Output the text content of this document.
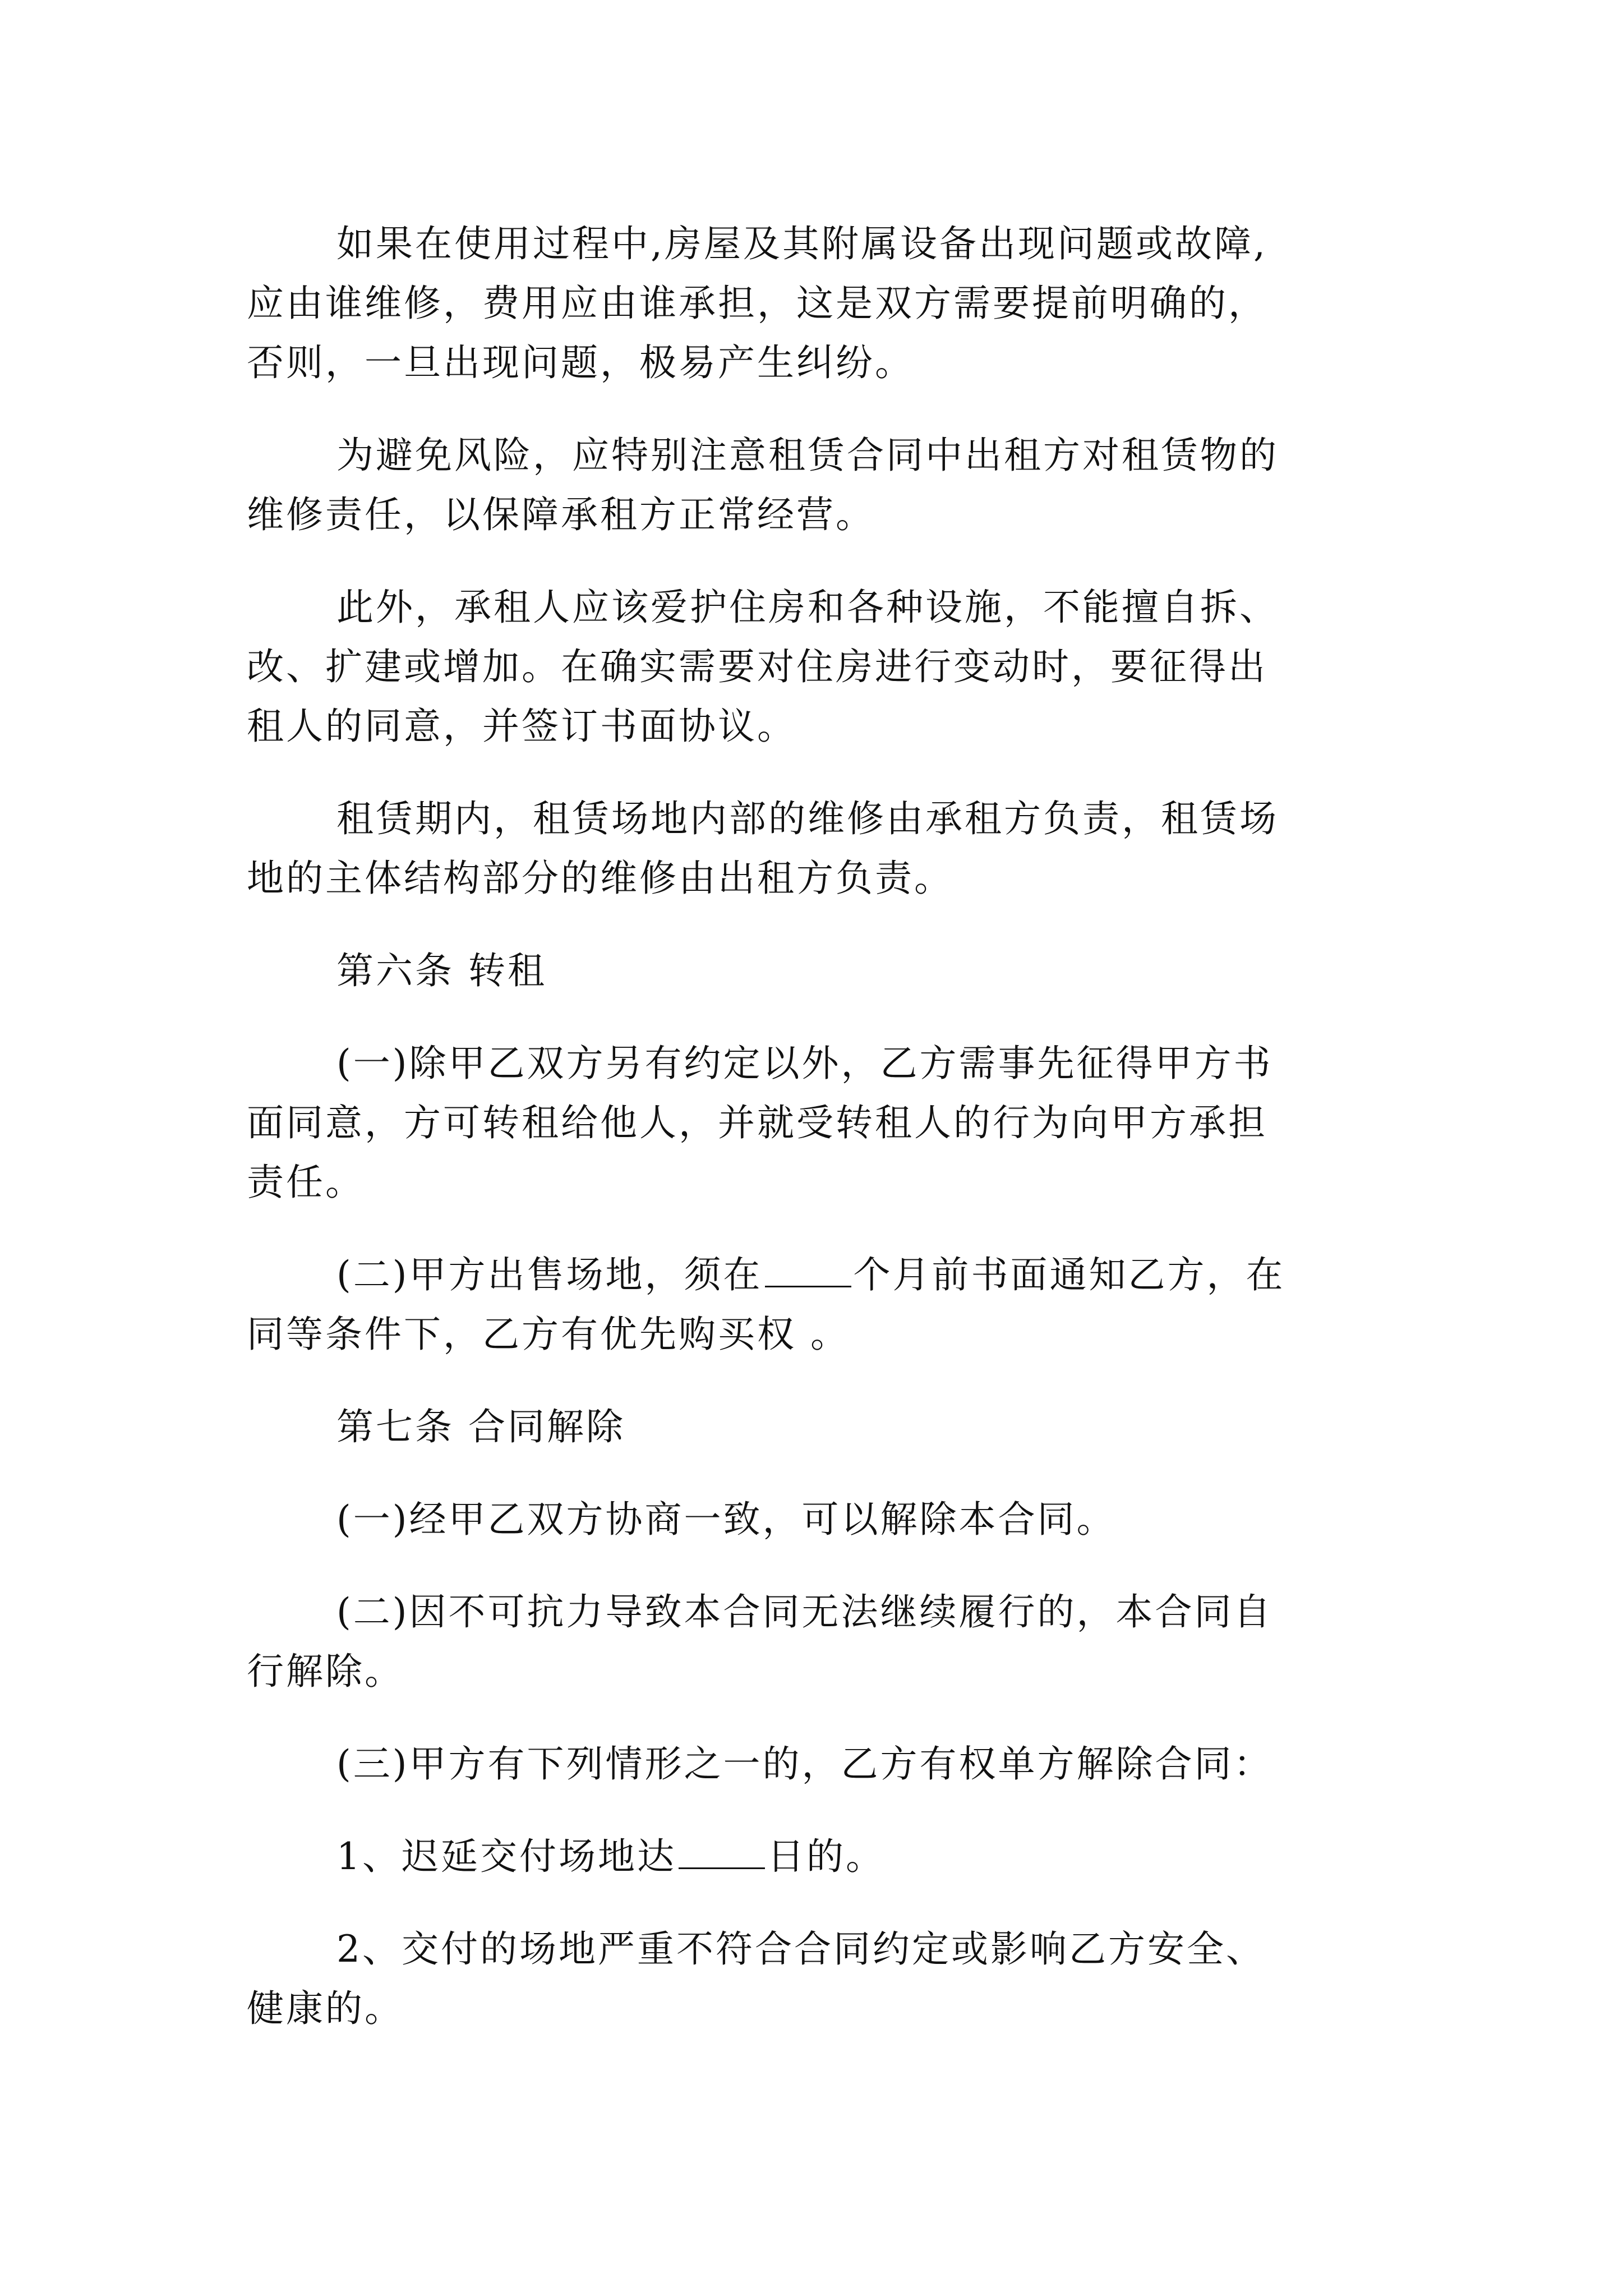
如果在使用过程中,房屋及其附属设备出现问题或故障,
应由谁维修，费用应由谁承担，这是双方需要提前明确的，
否则，一旦出现问题，极易产生纠纷。
为避免风险，应特别注意租赁合同中出租方对租赁物的
维修责任，以保障承租方正常经营。
此外，承租人应该爱护住房和各种设施，不能擅自拆、
改、扩建或增加。在确实需要对住房进行变动时，要征得出
租人的同意，并签订书面协议。
租赁期内，租赁场地内部的维修由承租方负责，租赁场
地的主体结构部分的维修由出租方负责。
第六条 转租
(一)除甲乙双方另有约定以外，乙方需事先征得甲方书
面同意，方可转租给他人，并就受转租人的行为向甲方承担
责任。
(二)甲方出售场地，须在 个月前书面通知乙方，在
同等条件下，乙方有优先购买权 。
第七条 合同解除
(一)经甲乙双方协商一致，可以解除本合同。
(二)因不可抗力导致本合同无法继续履行的，本合同自
行解除。
(三)甲方有下列情形之一的，乙方有权单方解除合同：
1、迟延交付场地达 日的。
2、交付的场地严重不符合合同约定或影响乙方安全、
健康的。
